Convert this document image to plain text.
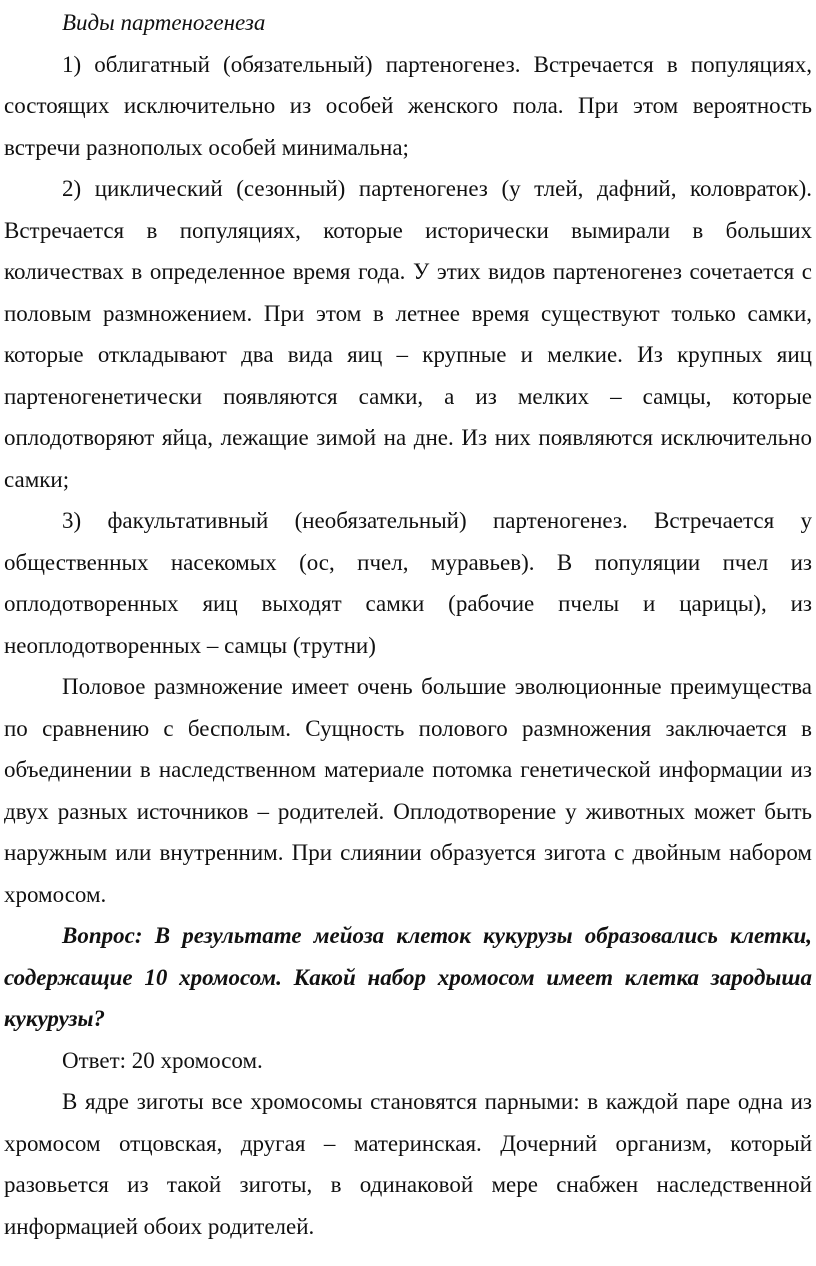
Виды партеногенеза

1) облигатный (обязательный) партеногенез. Встречается в популяциях, состоящих исключительно из особей женского пола. При этом вероятность встречи разнополых особей минимальна;

2) циклический (сезонный) партеногенез (у тлей, дафний, коловраток). Встречается в популяциях, которые исторически вымирали в больших количествах в определенное время года. У этих видов партеногенез сочетается с половым размножением. При этом в летнее время существуют только самки, которые откладывают два вида яиц – крупные и мелкие. Из крупных яиц партеногенетически появляются самки, а из мелких – самцы, которые оплодотворяют яйца, лежащие зимой на дне. Из них появляются исключительно самки;

3) факультативный (необязательный) партеногенез. Встречается у общественных насекомых (ос, пчел, муравьев). В популяции пчел из оплодотворенных яиц выходят самки (рабочие пчелы и царицы), из неоплодотворенных – самцы (трутни)

Половое размножение имеет очень большие эволюционные преимущества по сравнению с бесполым. Сущность полового размножения заключается в объединении в наследственном материале потомка генетической информации из двух разных источников – родителей. Оплодотворение у животных может быть наружным или внутренним. При слиянии образуется зигота с двойным набором хромосом.

Вопрос: В результате мейоза клеток кукурузы образовались клетки, содержащие 10 хромосом. Какой набор хромосом имеет клетка зародыша кукурузы?

Ответ: 20 хромосом.

В ядре зиготы все хромосомы становятся парными: в каждой паре одна из хромосом отцовская, другая – материнская. Дочерний организм, который разовьется из такой зиготы, в одинаковой мере снабжен наследственной информацией обоих родителей.
